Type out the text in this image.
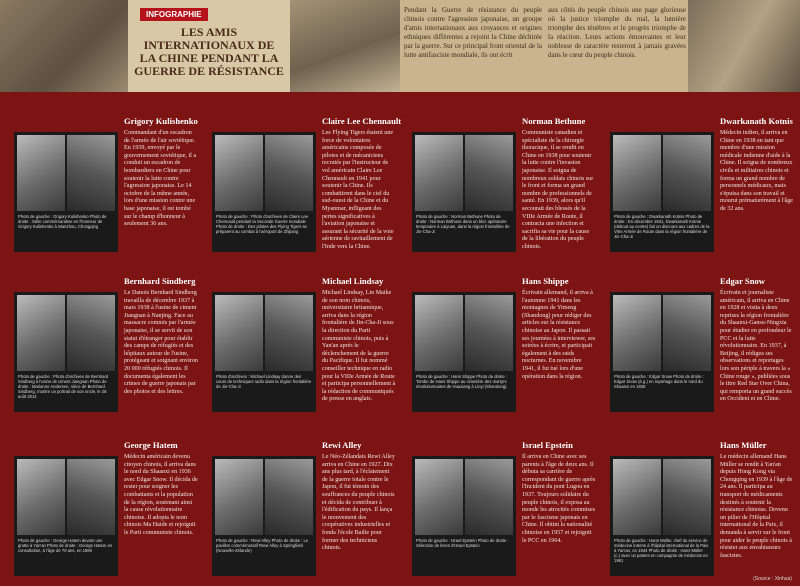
INFOGRAPHIE
LES AMIS INTERNATIONAUX DE LA CHINE PENDANT LA GUERRE DE RÉSISTANCE
Pendant la Guerre de résistance du peuple chinois contre l'agression japonaise, un groupe d'amis internationaux aux croyances et origines ethniques différentes a rejoint la Chine déchirée par la guerre. Sur ce principal front oriental de la lutte antifasciste mondiale, ils ont écrit
aux côtés du peuple chinois une page glorieuse où la justice triomphe du mal, la lumière triomphe des ténèbres et le progrès triomphe de la réaction. Leurs actions émouvantes et leur noblesse de caractère resteront à jamais gravées dans le cœur du peuple chinois.
Photo de gauche : Grigory Kulishenko Photo de droite : Stèle commémorative en l'honneur de Grigory Kulishenko à Wanzhou, Chongqing
Grigory Kulishenko
Commandant d'un escadron de l'armée de l'air soviétique. En 1939, envoyé par le gouvernement soviétique, il a conduit un escadron de bombardiers en Chine pour soutenir la lutte contre l'agression japonaise. Le 14 octobre de la même année, lors d'une mission contre une base japonaise, il est tombé sur le champ d'honneur à seulement 36 ans.
Photo de gauche : Photo d'archives de Claire Lee Chennault pendant la Seconde Guerre mondiale Photo de droite : Des pilotes des Flying Tigers se préparent au combat à l'aéroport de Zhijiang
Claire Lee Chennault
Les Flying Tigers étaient une force de volontaires américains composée de pilotes et de mécaniciens recrutés par l'instructeur de vol américain Claire Lee Chennault en 1941 pour soutenir la Chine. Ils combattirent dans le ciel du sud-ouest de la Chine et du Myanmar, infligeant des pertes significatives à l'aviation japonaise et assurant la sécurité de la voie aérienne de ravitaillement de l'Inde vers la Chine.
Photo de gauche : Norman Bethune Photo de droite : Norman Bethune dans un bloc opératoire temporaire à Laiyuan, dans la région frontalière de Jin-Cha-Ji
Norman Bethune
Communiste canadien et spécialiste de la chirurgie thoracique, il se rendit en Chine en 1938 pour soutenir la lutte contre l'invasion japonaise. Il soigna de nombreux soldats chinois sur le front et forma un grand nombre de professionnels de santé. En 1939, alors qu'il secourait des blessés de la VIIIe Armée de Route, il contracta une infection et sacrifia sa vie pour la cause de la libération du peuple chinois.
Photo de gauche : Dwarkanath Kotnis Photo de droite : En décembre 1941, Dwarkanath Kotnis (debout au centre) fait un discours aux cadres de la VIIIe Armée de Route dans la région frontalière de Jin-Cha-Ji
Dwarkanath Kotnis
Médecin indien, il arriva en Chine en 1938 en tant que membre d'une mission médicale indienne d'aide à la Chine. Il soigna de nombreux civils et militaires chinois et forma un grand nombre de personnels médicaux, mais s'épuisa dans son travail et mourut prématurément à l'âge de 32 ans.
Photo de gauche : Photo d'archives de Bernhard Sindberg à l'usine de ciment Jiangnan Photo de droite : Marianne Andersen, nièce de Bernhard Sindberg, montre un portrait de son oncle, le 28 août 2014
Bernhard Sindberg
Le Danois Bernhard Sindberg travailla de décembre 1937 à mars 1938 à l'usine de ciment Jiangnan à Nanjing. Face au massacre commis par l'armée japonaise, il se servit de son statut d'étranger pour établir des camps de réfugiés et des hôpitaux autour de l'usine, protégeant et soignant environ 20 000 réfugiés chinois. Il documenta également les crimes de guerre japonais par des photos et des lettres.
Photo d'archives : Michael Lindsay donne des cours de techniques radio dans la région frontalière de Jin-Cha-Ji
Michael Lindsay
Michael Lindsay, Lin Maike de son nom chinois, universitaire britannique, arriva dans la région frontalière de Jin-Cha-Ji sous la direction du Parti communiste chinois, puis à Yan'an après le déclenchement de la guerre du Pacifique. Il fut nommé conseiller technique en radio pour la VIIIe Armée de Route et participa personnellement à la rédaction de communiqués de presse en anglais.
Photo de gauche : Hans Shippe Photo de droite : Tombe de Hans Shippe au cimetière des martyrs révolutionnaires de Huaxiang à Linyi (Shandong)
Hans Shippe
Écrivain allemand, il arriva à l'automne 1941 dans les montagnes de Yimeng (Shandong) pour rédiger des articles sur la résistance chinoise au Japon. Il passait ses journées à interviewer, ses soirées à écrire, et participait également à des raids nocturnes. En novembre 1941, il fut tué lors d'une opération dans la région.	Photo de gauche : Edgar Snow Photo de droite : Edgar Snow (à g.) en reportage dans le nord du Shaanxi en 1936
Edgar Snow
Écrivain et journaliste américain, il arriva en Chine en 1928 et visita à deux reprises la région frontalière du Shaanxi-Gansu-Ningxia pour étudier en profondeur le PCC et la lutte révolutionnaire. En 1937, à Beijing, il rédigea ses observations et reportages lors son périple à travers la « Chine rouge », publiées sous le titre Red Star Over China, qui remporta un grand succès en Occident et en Chine.
Photo de gauche : George Hatem devant une grotte à Yan'an Photo de droite : George Hatem en consultation, à l'âge de 70 ans, en 1980
George Hatem
Médecin américain devenu citoyen chinois, il arriva dans le nord du Shaanxi en 1936 avec Edgar Snow. Il décida de rester pour soigner les combattants et la population de la région, soutenant ainsi la cause révolutionnaire chinoise. Il adopta le nom chinois Ma Haide et rejoignit le Parti communiste chinois.
Photo de gauche : Rewi Alley Photo de droite : Le pavillon commémoratif Rewi Alley à Springfield (Nouvelle-Zélande)
Rewi Alley
Le Néo-Zélandais Rewi Alley arriva en Chine en 1927. Dix ans plus tard, à l'éclatement de la guerre totale contre le Japon, il fut témoin des souffrances du peuple chinois et décida de contribuer à l'édification du pays. Il lança le mouvement des coopératives industrielles et fonda l'école Bailie pour former des techniciens chinois.
Photo de gauche : Israel Epstein Photo de droite : Sélection de livres d'Israel Epstein
Israel Epstein
Il arriva en Chine avec ses parents à l'âge de deux ans. Il débuta sa carrière de correspondant de guerre après l'Incident du pont Lugou en 1937. Toujours solidaire du peuple chinois, il exposa au monde les atrocités commises par le fascisme japonais en Chine. Il obtint la nationalité chinoise en 1957 et rejoignit le PCC en 1964.	Photo de gauche : Hans Müller, chef du service de médecine interne à l'hôpital international de la Paix à Yan'an, en 1944 Photo de droite : Hans Müller (c.) avec un patient en compagnie de médecins en 1961
Hans Müller
Le médecin allemand Hans Müller se rendit à Yan'an depuis Hong Kong via Chongqing en 1939 à l'âge de 24 ans. Il participa au transport de médicaments destinés à soutenir la résistance chinoise. Devenu un pilier de l'Hôpital international de la Paix, il demanda à servir sur le front pour aider le peuple chinois à résister aux envahisseurs fascistes.
(Source : Xinhua)
